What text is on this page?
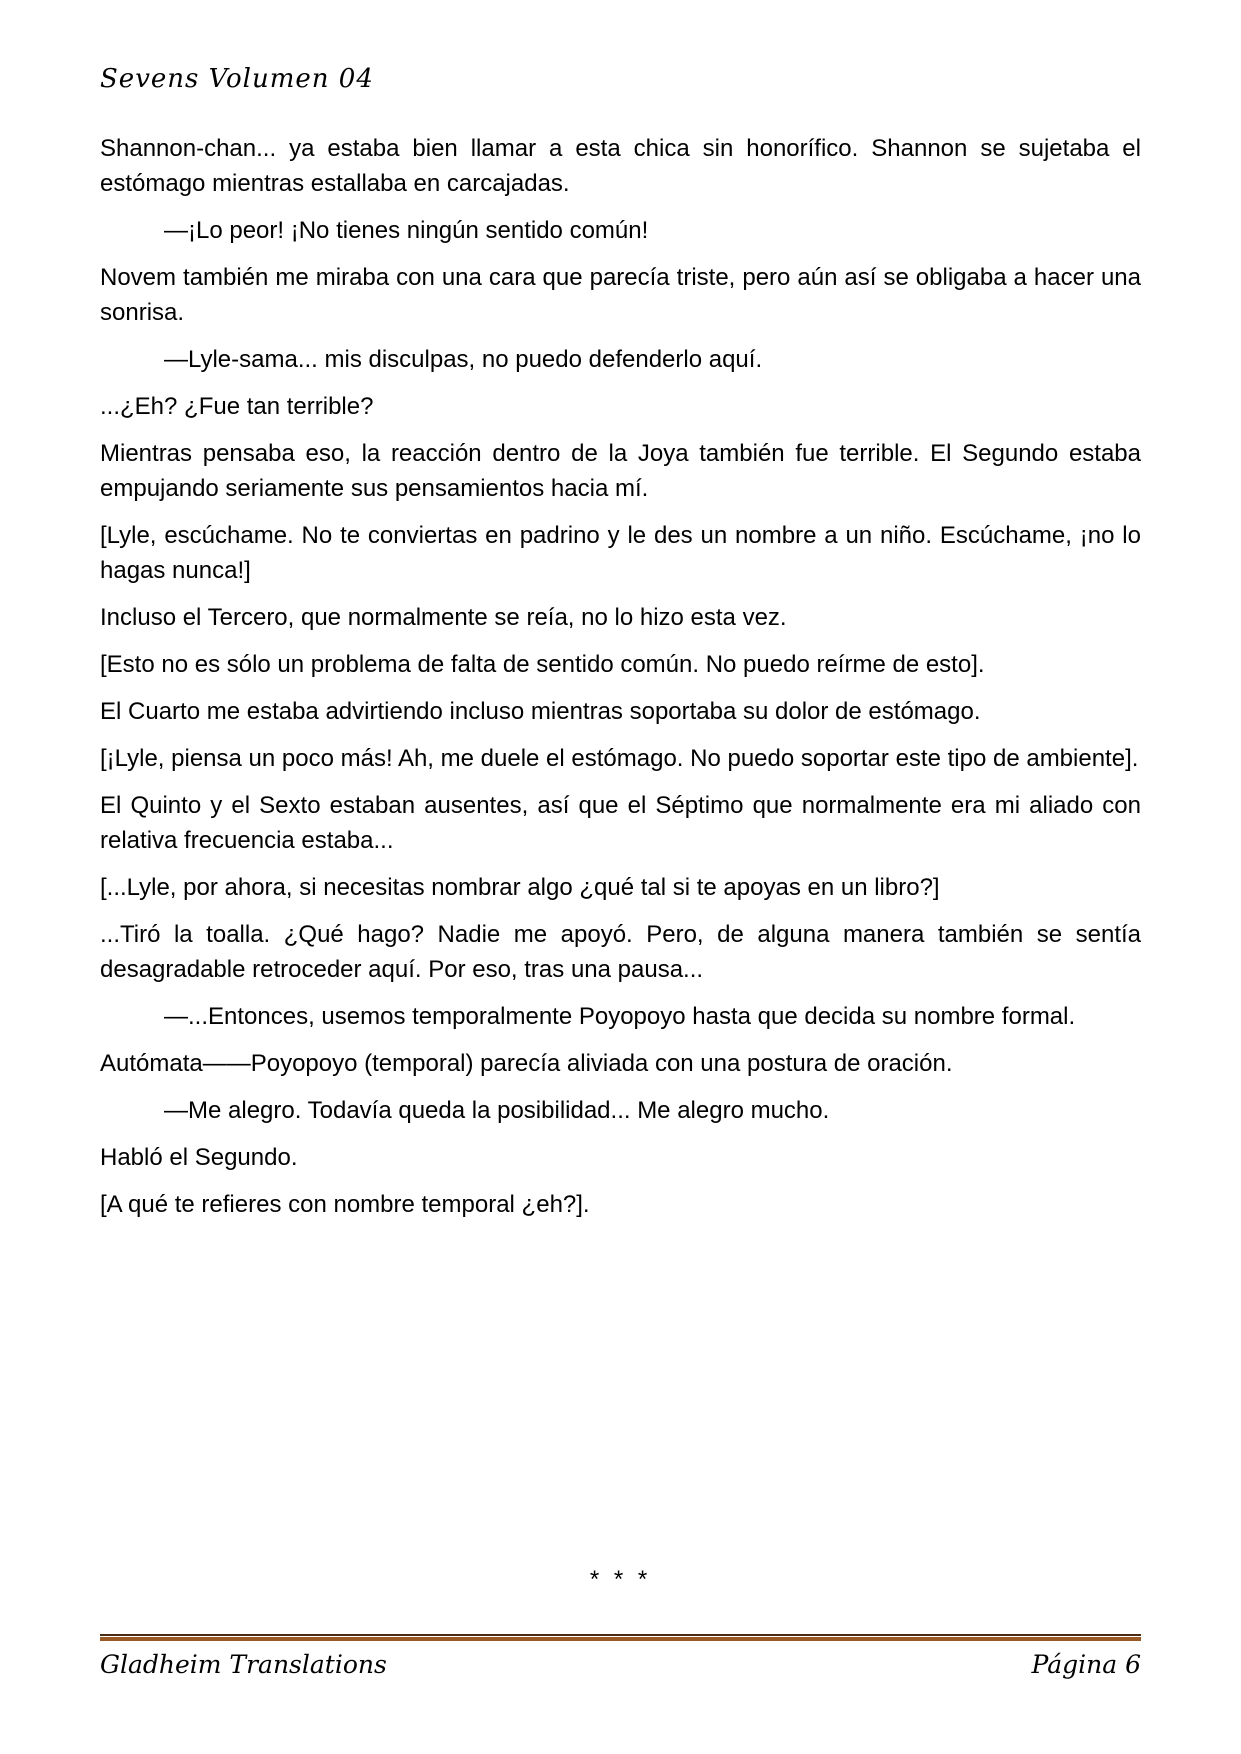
Sevens Volumen 04

Shannon-chan... ya estaba bien llamar a esta chica sin honorífico. Shannon se sujetaba el estómago mientras estallaba en carcajadas.

—¡Lo peor! ¡No tienes ningún sentido común!

Novem también me miraba con una cara que parecía triste, pero aún así se obligaba a hacer una sonrisa.

—Lyle-sama... mis disculpas, no puedo defenderlo aquí.

...¿Eh? ¿Fue tan terrible?

Mientras pensaba eso, la reacción dentro de la Joya también fue terrible. El Segundo estaba empujando seriamente sus pensamientos hacia mí.

[Lyle, escúchame. No te conviertas en padrino y le des un nombre a un niño. Escúchame, ¡no lo hagas nunca!]

Incluso el Tercero, que normalmente se reía, no lo hizo esta vez.

[Esto no es sólo un problema de falta de sentido común. No puedo reírme de esto].

El Cuarto me estaba advirtiendo incluso mientras soportaba su dolor de estómago.

[¡Lyle, piensa un poco más! Ah, me duele el estómago. No puedo soportar este tipo de ambiente].

El Quinto y el Sexto estaban ausentes, así que el Séptimo que normalmente era mi aliado con relativa frecuencia estaba...

[...Lyle, por ahora, si necesitas nombrar algo ¿qué tal si te apoyas en un libro?]

...Tiró la toalla. ¿Qué hago? Nadie me apoyó. Pero, de alguna manera también se sentía desagradable retroceder aquí. Por eso, tras una pausa...

—...Entonces, usemos temporalmente Poyopoyo hasta que decida su nombre formal.

Autómata——Poyopoyo (temporal) parecía aliviada con una postura de oración.

—Me alegro. Todavía queda la posibilidad... Me alegro mucho.

Habló el Segundo.

[A qué te refieres con nombre temporal ¿eh?].

* * *
Gladheim Translations	Página 6
